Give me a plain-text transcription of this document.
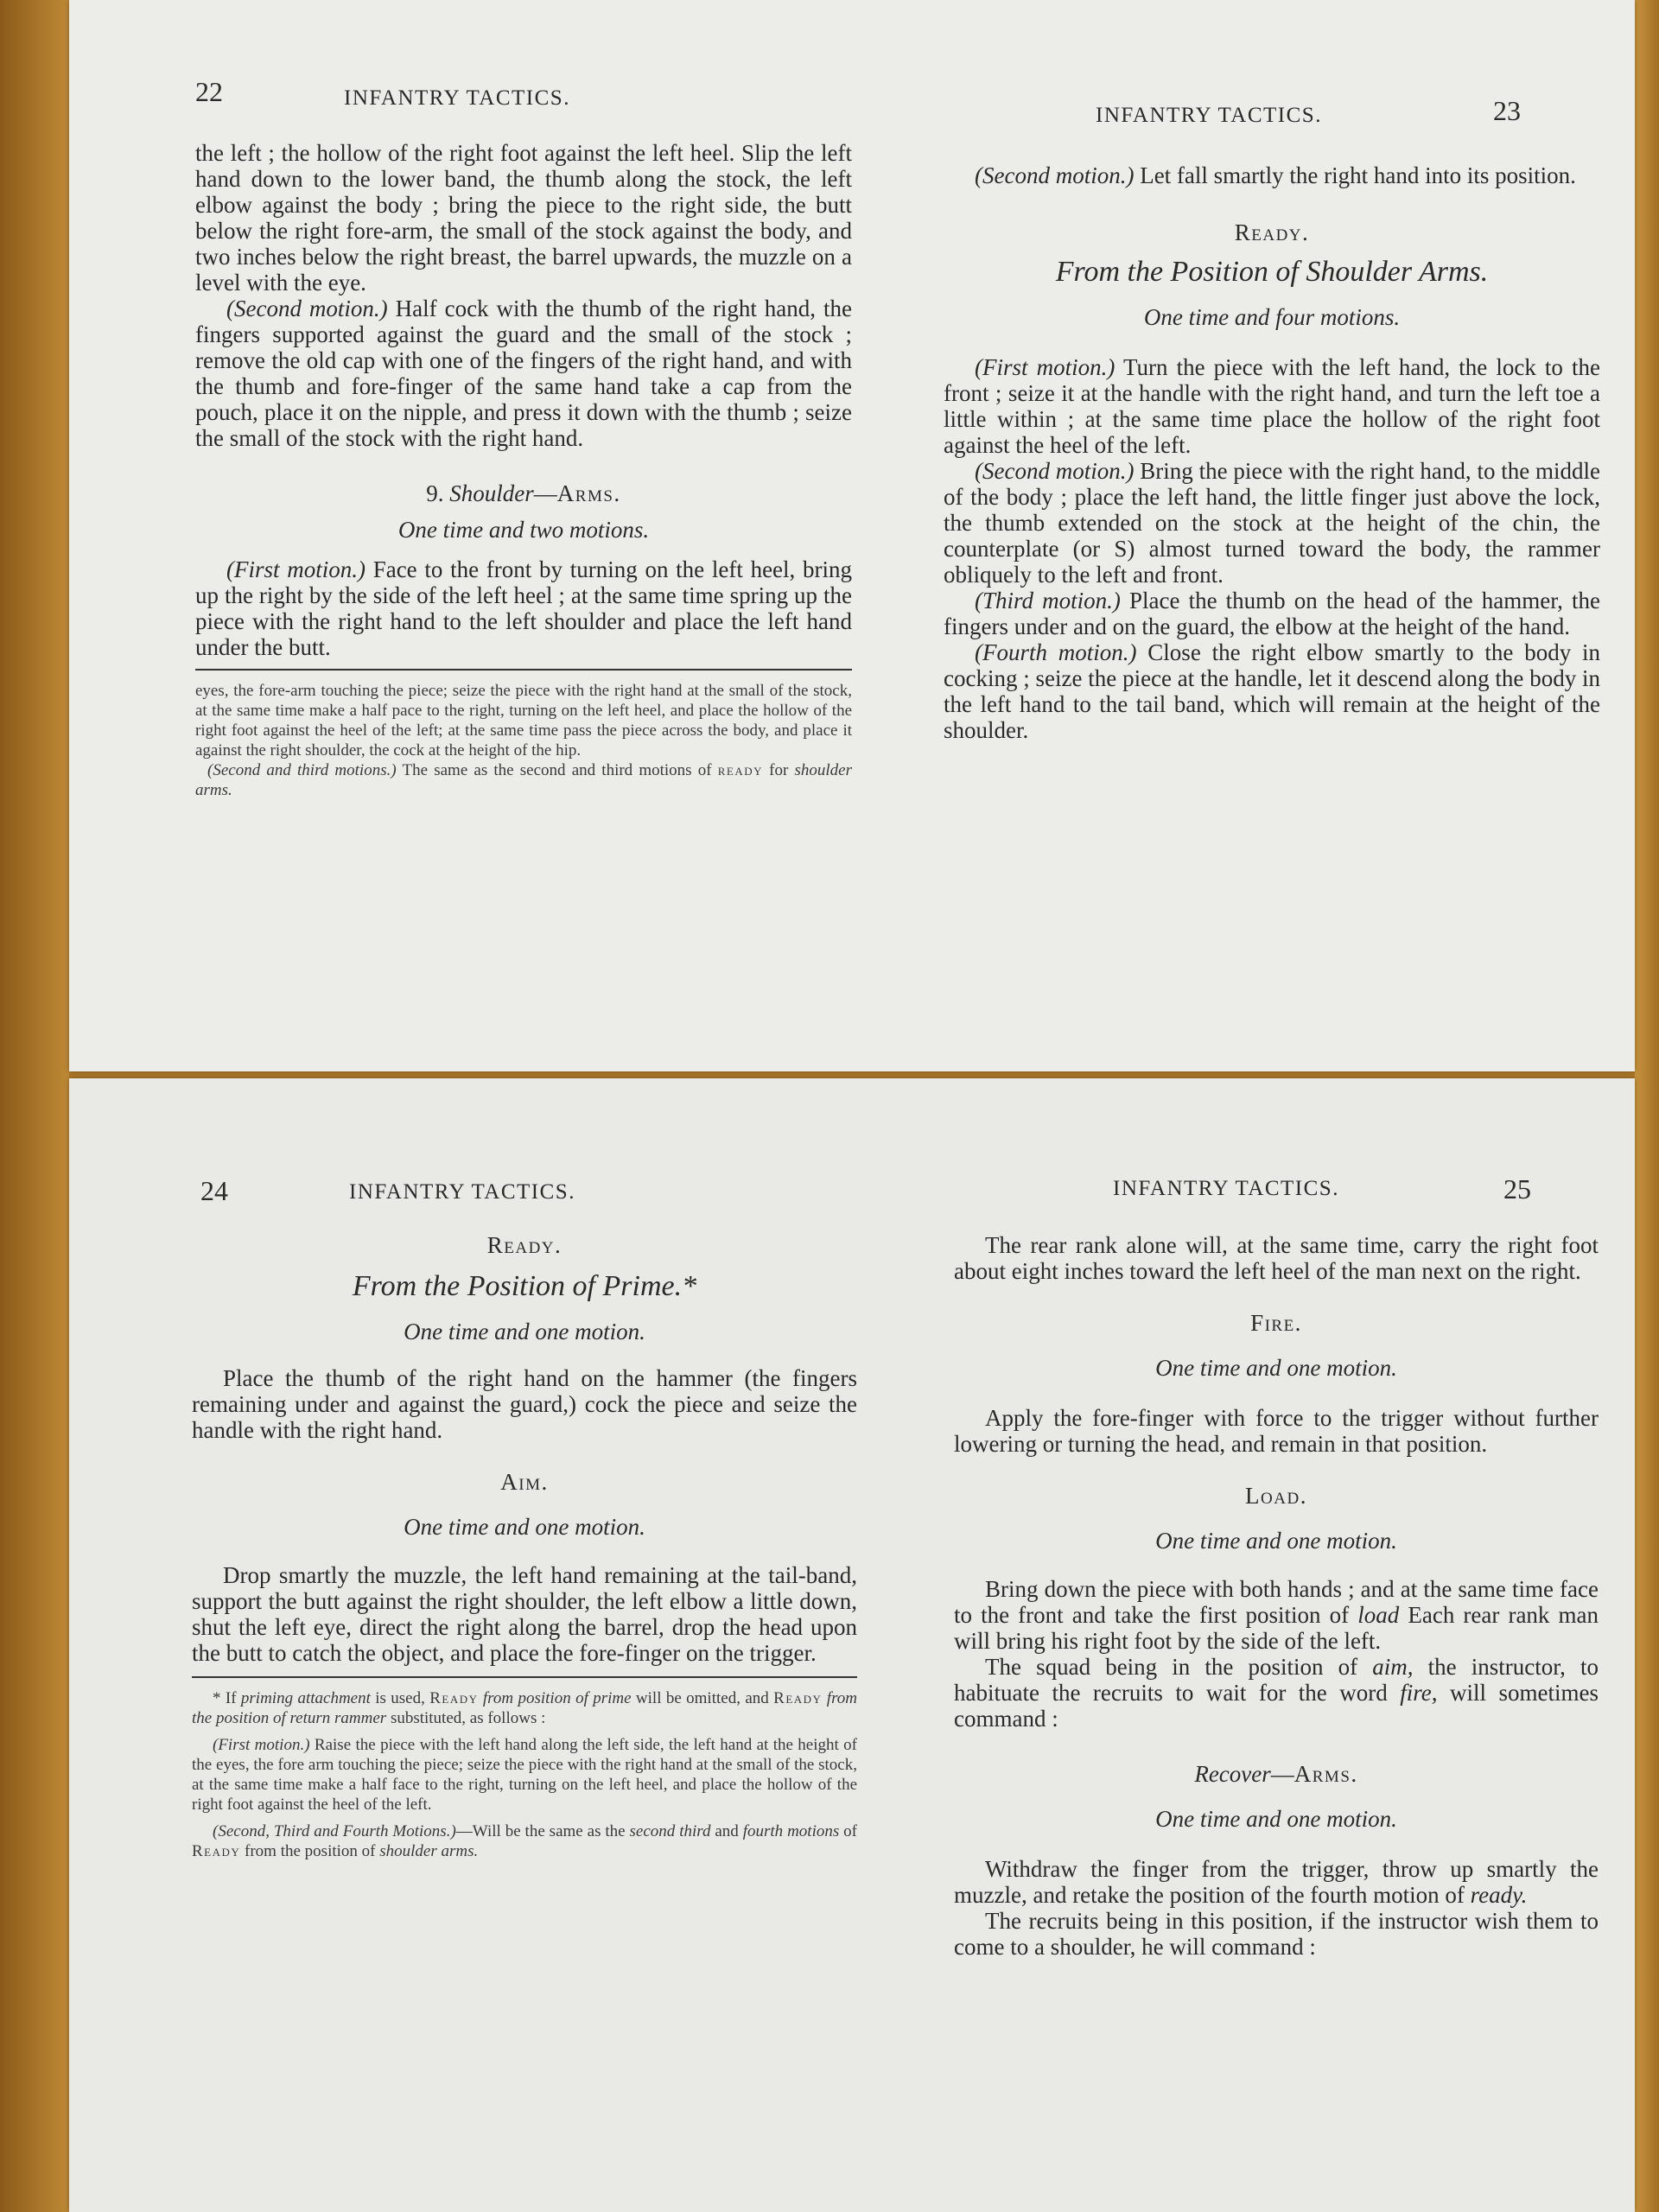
22	INFANTRY TACTICS.

the left ; the hollow of the right foot against the left heel. Slip the left hand down to the lower band, the thumb along the stock, the left elbow against the body ; bring the piece to the right side, the butt below the right fore-arm, the small of the stock against the body, and two inches below the right breast, the barrel upwards, the muzzle on a level with the eye.

(Second motion.) Half cock with the thumb of the right hand, the fingers supported against the guard and the small of the stock ; remove the old cap with one of the fingers of the right hand, and with the thumb and fore-finger of the same hand take a cap from the pouch, place it on the nipple, and press it down with the thumb ; seize the small of the stock with the right hand.

9. Shoulder—Arms.

One time and two motions.

(First motion.) Face to the front by turning on the left heel, bring up the right by the side of the left heel ; at the same time spring up the piece with the right hand to the left shoulder and place the left hand under the butt.

eyes, the fore-arm touching the piece; seize the piece with the right hand at the small of the stock, at the same time make a half pace to the right, turning on the left heel, and place the hollow of the right foot against the heel of the left; at the same time pass the piece across the body, and place it against the right shoulder, the cock at the height of the hip.

(Second and third motions.) The same as the second and third motions of ready for shoulder arms.

INFANTRY TACTICS.	23

(Second motion.) Let fall smartly the right hand into its position.

Ready.

From the Position of Shoulder Arms.

One time and four motions.

(First motion.) Turn the piece with the left hand, the lock to the front ; seize it at the handle with the right hand, and turn the left toe a little within ; at the same time place the hollow of the right foot against the heel of the left.

(Second motion.) Bring the piece with the right hand, to the middle of the body ; place the left hand, the little finger just above the lock, the thumb extended on the stock at the height of the chin, the counterplate (or S) almost turned toward the body, the rammer obliquely to the left and front.

(Third motion.) Place the thumb on the head of the hammer, the fingers under and on the guard, the elbow at the height of the hand.

(Fourth motion.) Close the right elbow smartly to the body in cocking ; seize the piece at the handle, let it descend along the body in the left hand to the tail band, which will remain at the height of the shoulder.

24	INFANTRY TACTICS.

Ready.

From the Position of Prime.*

One time and one motion.

Place the thumb of the right hand on the hammer (the fingers remaining under and against the guard,) cock the piece and seize the handle with the right hand.

Aim.

One time and one motion.

Drop smartly the muzzle, the left hand remaining at the tail-band, support the butt against the right shoulder, the left elbow a little down, shut the left eye, direct the right along the barrel, drop the head upon the butt to catch the object, and place the fore-finger on the trigger.

* If priming attachment is used, Ready from position of prime will be omitted, and Ready from the position of return rammer substituted, as follows :

(First motion.) Raise the piece with the left hand along the left side, the left hand at the height of the eyes, the fore arm touching the piece; seize the piece with the right hand at the small of the stock, at the same time make a half face to the right, turning on the left heel, and place the hollow of the right foot against the heel of the left.

(Second, Third and Fourth Motions.)—Will be the same as the second third and fourth motions of Ready from the position of shoulder arms.

INFANTRY TACTICS.	25

The rear rank alone will, at the same time, carry the right foot about eight inches toward the left heel of the man next on the right.

Fire.

One time and one motion.

Apply the fore-finger with force to the trigger without further lowering or turning the head, and remain in that position.

Load.

One time and one motion.

Bring down the piece with both hands ; and at the same time face to the front and take the first position of load Each rear rank man will bring his right foot by the side of the left.

The squad being in the position of aim, the instructor, to habituate the recruits to wait for the word fire, will sometimes command :

Recover—Arms.

One time and one motion.

Withdraw the finger from the trigger, throw up smartly the muzzle, and retake the position of the fourth motion of ready.

The recruits being in this position, if the instructor wish them to come to a shoulder, he will command :
